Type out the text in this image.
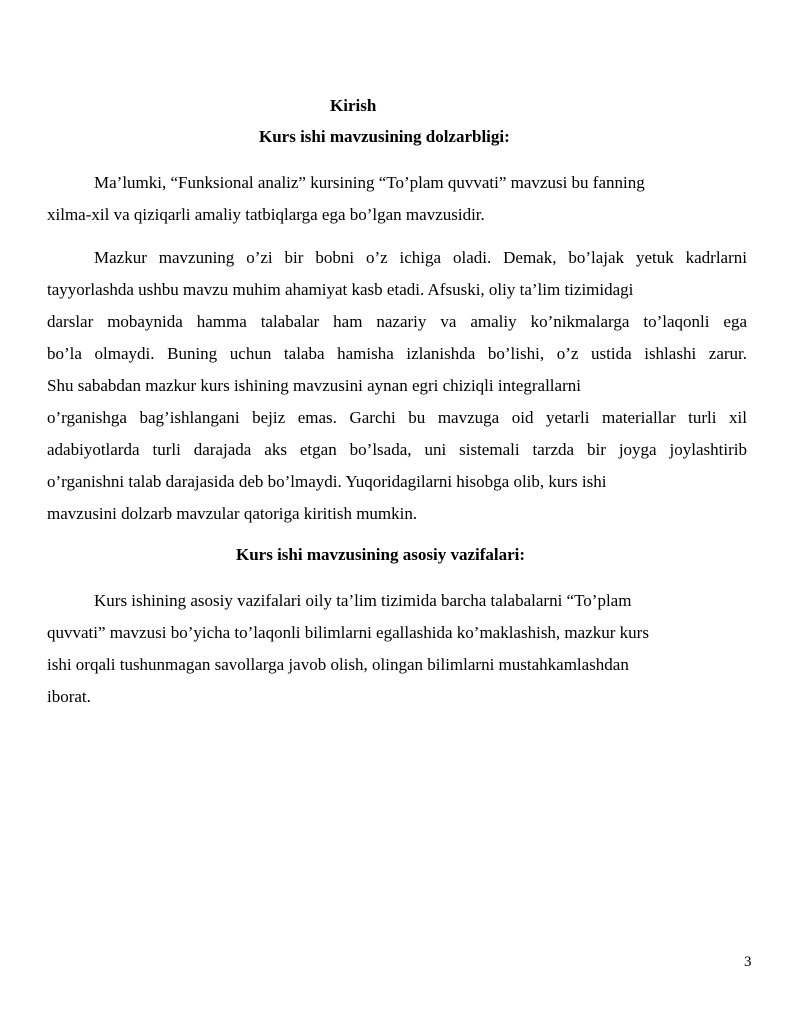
Kirish
Kurs ishi mavzusining dolzarbligi:
Ma’lumki, “Funksional analiz” kursining “To’plam quvvati” mavzusi bu fanning
xilma-xil va qiziqarli amaliy tatbiqlarga ega bo’lgan mavzusidir.
Mazkur mavzuning o’zi bir bobni o’z ichiga oladi. Demak, bo’lajak yetuk kadrlarni
tayyorlashda ushbu mavzu muhim ahamiyat kasb etadi. Afsuski, oliy ta’lim tizimidagi
darslar mobaynida hamma talabalar ham nazariy va amaliy ko’nikmalarga to’laqonli ega
bo’la olmaydi. Buning uchun talaba hamisha izlanishda bo’lishi, o’z ustida ishlashi zarur.
Shu sababdan mazkur kurs ishining mavzusini aynan egri chiziqli integrallarni
o’rganishga bag’ishlangani bejiz emas. Garchi bu mavzuga oid yetarli materiallar turli xil
adabiyotlarda turli darajada aks etgan bo’lsada, uni sistemali tarzda bir joyga joylashtirib
o’rganishni talab darajasida deb bo’lmaydi. Yuqoridagilarni hisobga olib, kurs ishi
mavzusini dolzarb mavzular qatoriga kiritish mumkin.
Kurs ishi mavzusining asosiy vazifalari:
Kurs ishining asosiy vazifalari oily ta’lim tizimida barcha talabalarni “To’plam
quvvati” mavzusi bo’yicha to’laqonli bilimlarni egallashida ko’maklashish, mazkur kurs
ishi orqali tushunmagan savollarga javob olish, olingan bilimlarni mustahkamlashdan
iborat.
3
